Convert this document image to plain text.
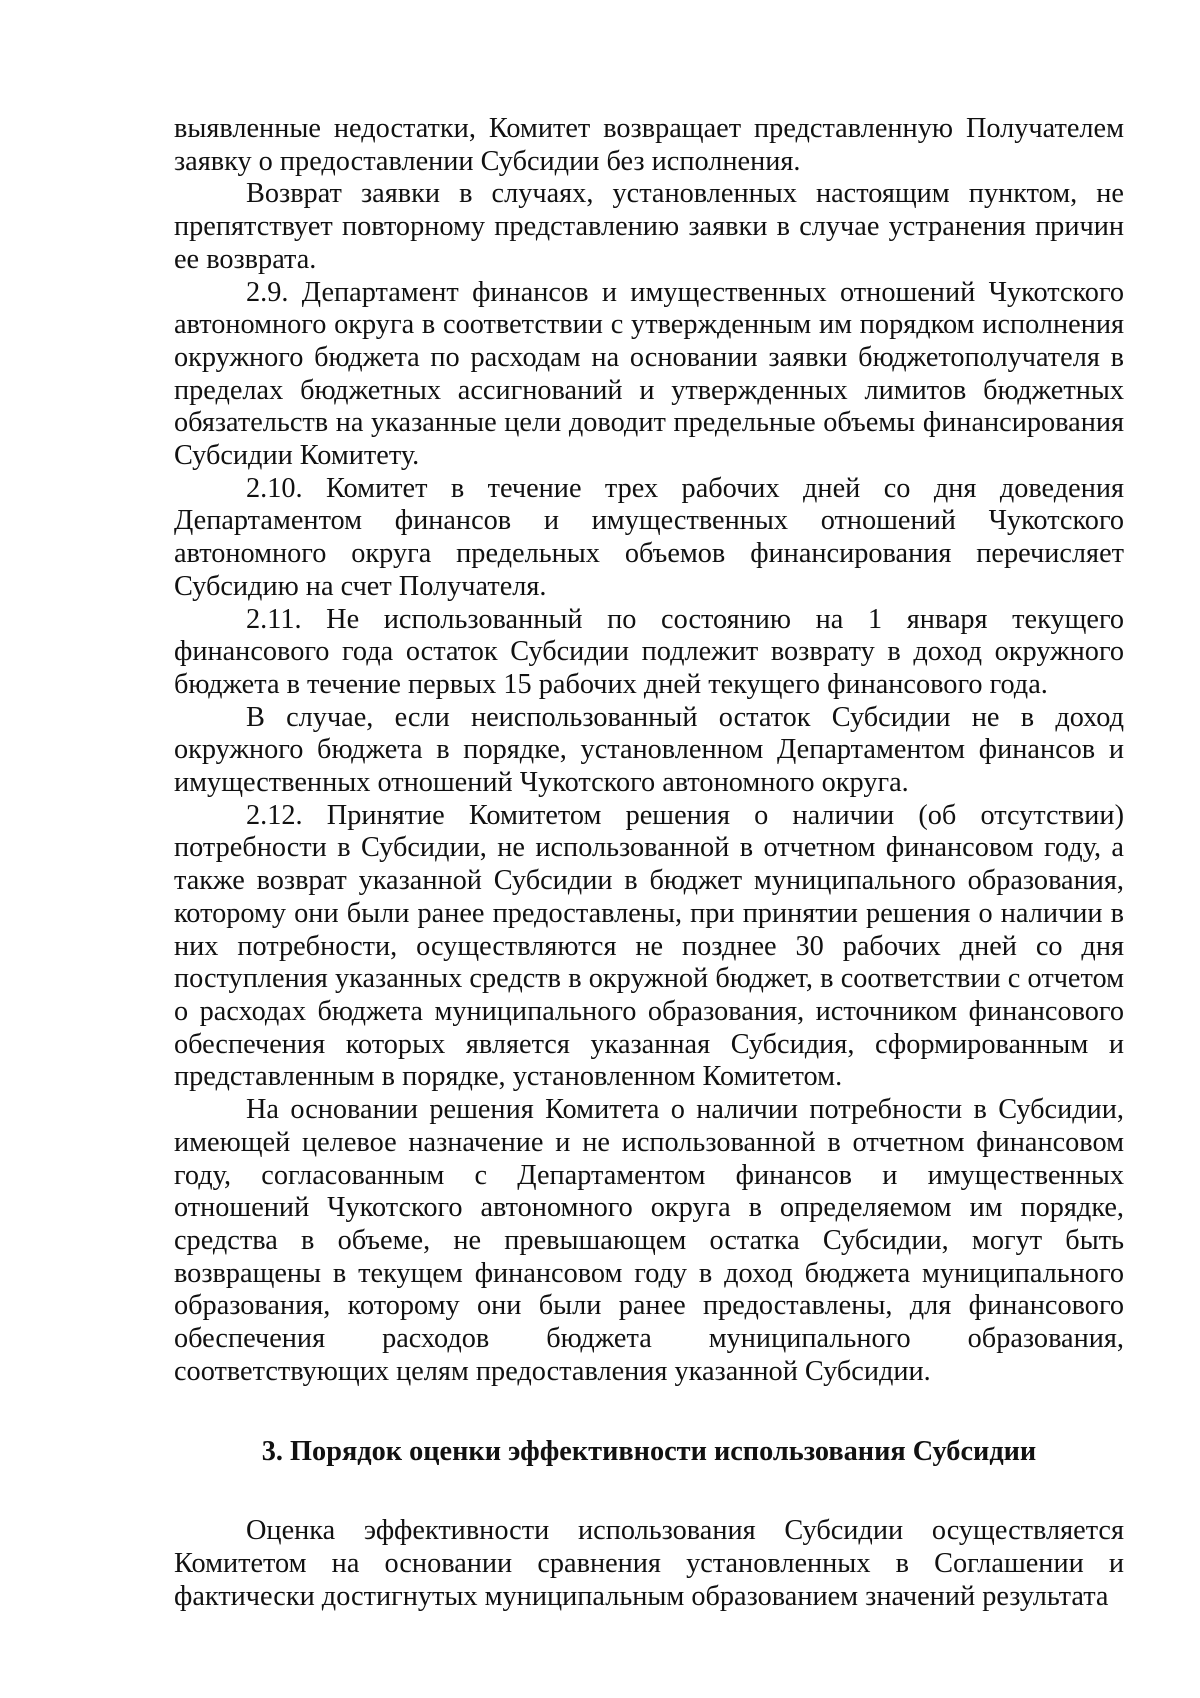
выявленные недостатки, Комитет возвращает представленную Получателем заявку о предоставлении Субсидии без исполнения.

Возврат заявки в случаях, установленных настоящим пунктом, не препятствует повторному представлению заявки в случае устранения причин ее возврата.

2.9. Департамент финансов и имущественных отношений Чукотского автономного округа в соответствии с утвержденным им порядком исполнения окружного бюджета по расходам на основании заявки бюджетополучателя в пределах бюджетных ассигнований и утвержденных лимитов бюджетных обязательств на указанные цели доводит предельные объемы финансирования Субсидии Комитету.

2.10. Комитет в течение трех рабочих дней со дня доведения Департаментом финансов и имущественных отношений Чукотского автономного округа предельных объемов финансирования перечисляет Субсидию на счет Получателя.

2.11. Не использованный по состоянию на 1 января текущего финансового года остаток Субсидии подлежит возврату в доход окружного бюджета в течение первых 15 рабочих дней текущего финансового года.

В случае, если неиспользованный остаток Субсидии не в доход окружного бюджета в порядке, установленном Департаментом финансов и имущественных отношений Чукотского автономного округа.

2.12. Принятие Комитетом решения о наличии (об отсутствии) потребности в Субсидии, не использованной в отчетном финансовом году, а также возврат указанной Субсидии в бюджет муниципального образования, которому они были ранее предоставлены, при принятии решения о наличии в них потребности, осуществляются не позднее 30 рабочих дней со дня поступления указанных средств в окружной бюджет, в соответствии с отчетом о расходах бюджета муниципального образования, источником финансового обеспечения которых является указанная Субсидия, сформированным и представленным в порядке, установленном Комитетом.

На основании решения Комитета о наличии потребности в Субсидии, имеющей целевое назначение и не использованной в отчетном финансовом году, согласованным с Департаментом финансов и имущественных отношений Чукотского автономного округа в определяемом им порядке, средства в объеме, не превышающем остатка Субсидии, могут быть возвращены в текущем финансовом году в доход бюджета муниципального образования, которому они были ранее предоставлены, для финансового обеспечения расходов бюджета муниципального образования, соответствующих целям предоставления указанной Субсидии.

3. Порядок оценки эффективности использования Субсидии

Оценка эффективности использования Субсидии осуществляется Комитетом на основании сравнения установленных в Соглашении и фактически достигнутых муниципальным образованием значений результата
